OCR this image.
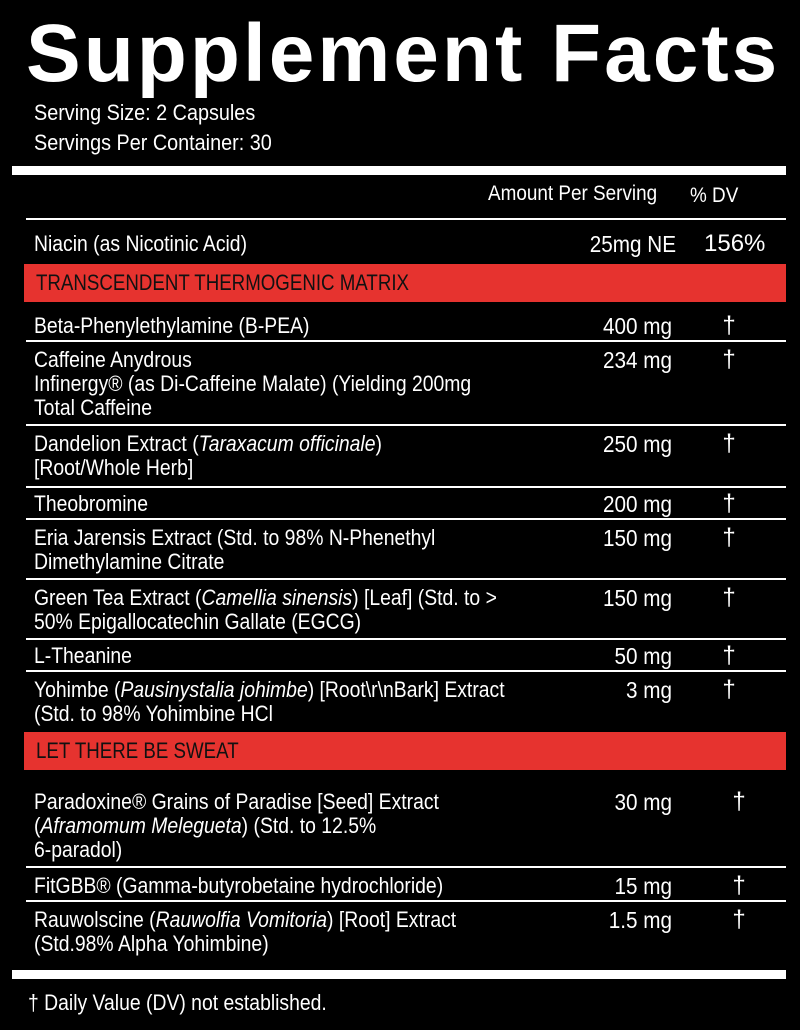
Supplement Facts
Serving Size: 2 Capsules
Servings Per Container: 30
Amount Per Serving % DV
Niacin (as Nicotinic Acid)	25mg NE 156%
TRANSCENDENT THERMOGENIC MATRIX
Beta-Phenylethylamine (B-PEA)	400 mg	†
Caffeine Anydrous
Infinergy® (as Di-Caffeine Malate) (Yielding 200mg
Total Caffeine
234 mg	†
Dandelion Extract (Taraxacum officinale)
[Root/Whole Herb]
250 mg	†
Theobromine	200 mg	†
Eria Jarensis Extract (Std. to 98% N-Phenethyl
Dimethylamine Citrate
150 mg	†
Green Tea Extract (Camellia sinensis) [Leaf] (Std. to >
50% Epigallocatechin Gallate (EGCG)
150 mg	†
L-Theanine	50 mg	†
Yohimbe (Pausinystalia johimbe) [Root\r\nBark] Extract
(Std. to 98% Yohimbine HCl
3 mg	†
LET THERE BE SWEAT
Paradoxine® Grains of Paradise [Seed] Extract
(Aframomum Melegueta) (Std. to 12.5%
6-paradol)
30 mg	†
FitGBB® (Gamma-butyrobetaine hydrochloride)	15 mg	†
Rauwolscine (Rauwolfia Vomitoria) [Root] Extract
(Std.98% Alpha Yohimbine)
1.5 mg	†
† Daily Value (DV) not established.
